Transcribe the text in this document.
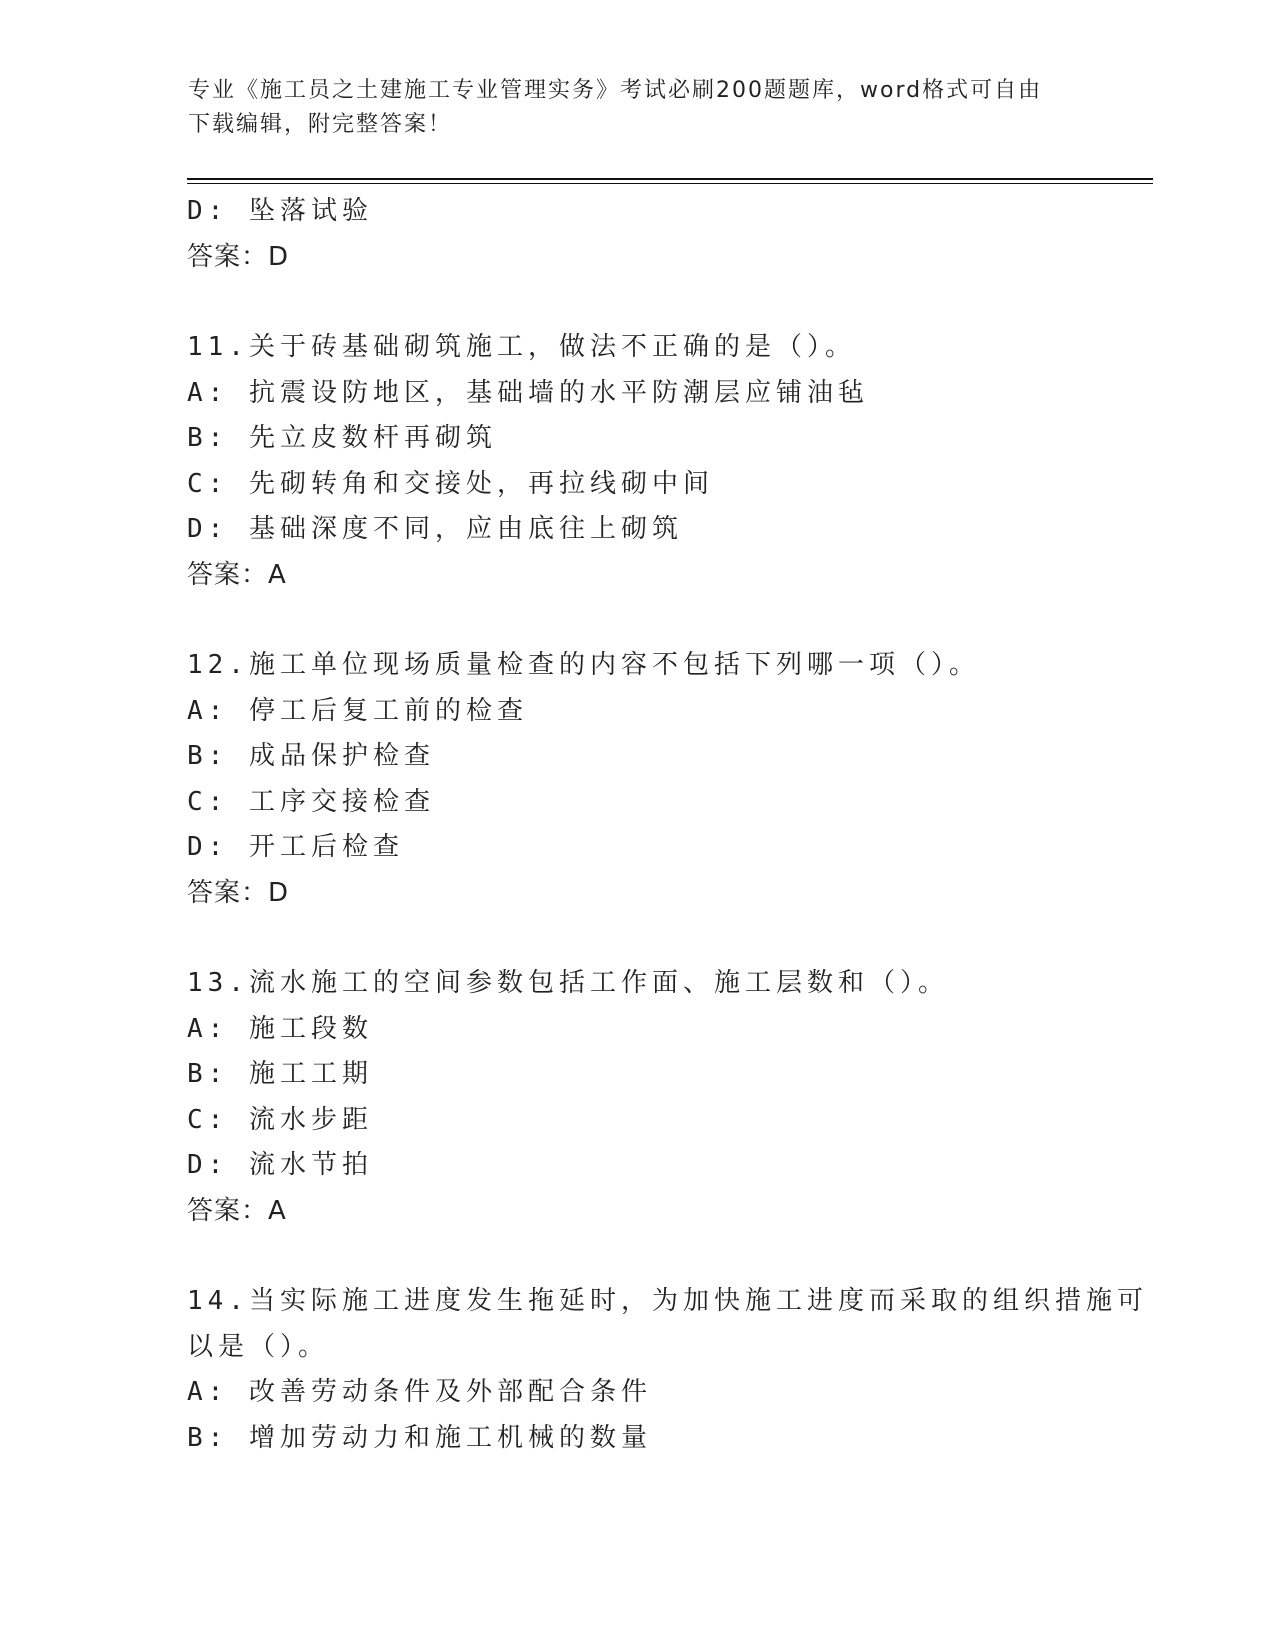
专业《施工员之土建施工专业管理实务》考试必刷200题题库，word格式可自由
下载编辑，附完整答案！
D: 坠落试验
答案：D
11.关于砖基础砌筑施工，做法不正确的是（）。
A: 抗震设防地区，基础墙的水平防潮层应铺油毡
B: 先立皮数杆再砌筑
C: 先砌转角和交接处，再拉线砌中间
D: 基础深度不同，应由底往上砌筑
答案：A
12.施工单位现场质量检查的内容不包括下列哪一项（）。
A: 停工后复工前的检查
B: 成品保护检查
C: 工序交接检查
D: 开工后检查
答案：D
13.流水施工的空间参数包括工作面、施工层数和（）。
A: 施工段数
B: 施工工期
C: 流水步距
D: 流水节拍
答案：A
14.当实际施工进度发生拖延时，为加快施工进度而采取的组织措施可
以是（）。
A: 改善劳动条件及外部配合条件
B: 增加劳动力和施工机械的数量
